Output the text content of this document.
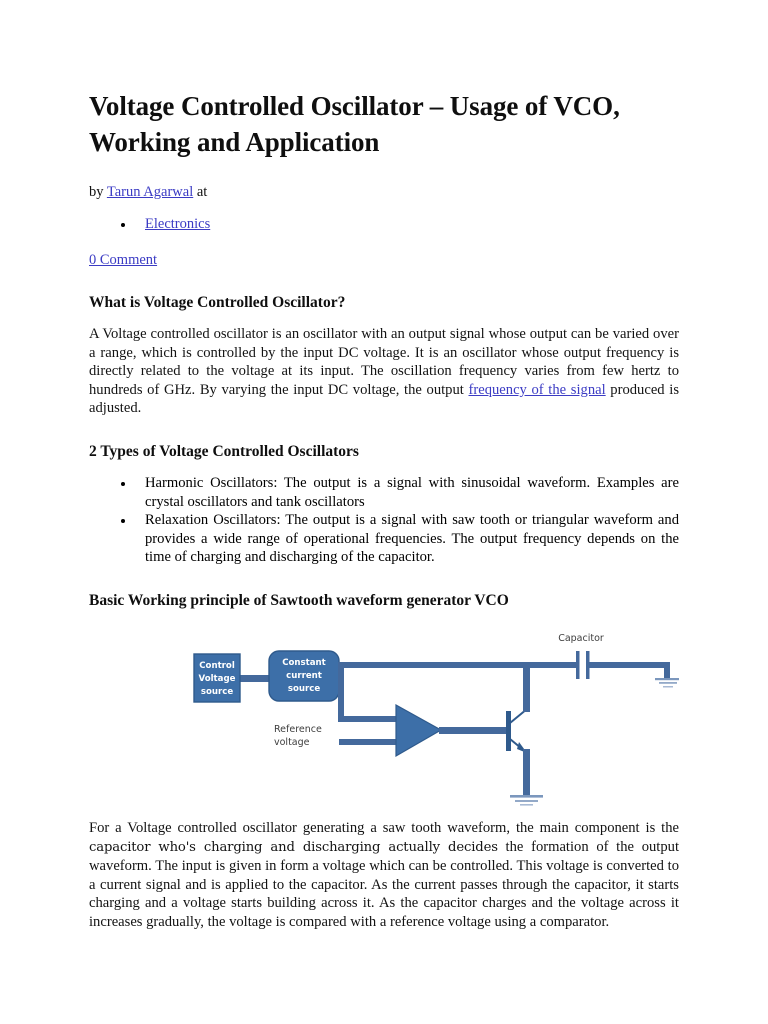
Voltage Controlled Oscillator – Usage of VCO, Working and Application
by Tarun Agarwal at
• Electronics
0 Comment
What is Voltage Controlled Oscillator?

A Voltage controlled oscillator is an oscillator with an output signal whose output can be varied over a range, which is controlled by the input DC voltage. It is an oscillator whose output frequency is directly related to the voltage at its input. The oscillation frequency varies from few hertz to hundreds of GHz. By varying the input DC voltage, the output frequency of the signal produced is adjusted.

2 Types of Voltage Controlled Oscillators
• Harmonic Oscillators: The output is a signal with sinusoidal waveform. Examples are crystal oscillators and tank oscillators
• Relaxation Oscillators: The output is a signal with saw tooth or triangular waveform and provides a wide range of operational frequencies. The output frequency depends on the time of charging and discharging of the capacitor.
Basic Working principle of Sawtooth waveform generator VCO
Control
Voltage
source
Constant
current
source
Reference
voltage
Capacitor

For a Voltage controlled oscillator generating a saw tooth waveform, the main component is the capacitor who's charging and discharging actually decides the formation of the output waveform. The input is given in form a voltage which can be controlled. This voltage is converted to a current signal and is applied to the capacitor. As the current passes through the capacitor, it starts charging and a voltage starts building across it. As the capacitor charges and the voltage across it increases gradually, the voltage is compared with a reference voltage using a comparator.
